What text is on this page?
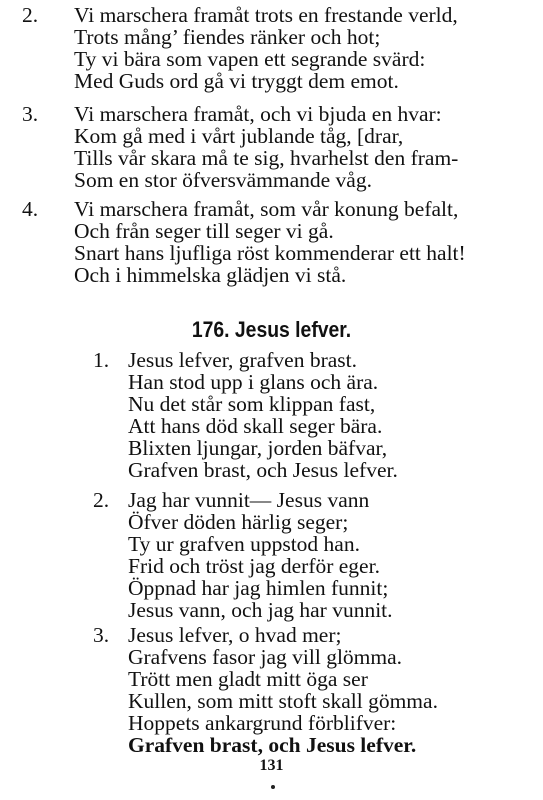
2. Vi marschera framåt trots en frestande verld,
Trots mång’ fiendes ränker och hot;
Ty vi bära som vapen ett segrande svärd:
Med Guds ord gå vi tryggt dem emot.
3. Vi marschera framåt, och vi bjuda en hvar:
Kom gå med i vårt jublande tåg, [drar,
Tills vår skara må te sig, hvarhelst den fram-
Som en stor öfversvämmande våg.
4. Vi marschera framåt, som vår konung befalt,
Och från seger till seger vi gå.
Snart hans ljufliga röst kommenderar ett halt!
Och i himmelska glädjen vi stå.
176. Jesus lefver.
1. Jesus lefver, grafven brast.
Han stod upp i glans och ära.
Nu det står som klippan fast,
Att hans död skall seger bära.
Blixten ljungar, jorden bäfvar,
Grafven brast, och Jesus lefver.
2. Jag har vunnit— Jesus vann
Öfver döden härlig seger;
Ty ur grafven uppstod han.
Frid och tröst jag derför eger.
Öppnad har jag himlen funnit;
Jesus vann, och jag har vunnit.
3. Jesus lefver, o hvad mer;
Grafvens fasor jag vill glömma.
Trött men gladt mitt öga ser
Kullen, som mitt stoft skall gömma.
Hoppets ankargrund förblifver:
Grafven brast, och Jesus lefver.
131
